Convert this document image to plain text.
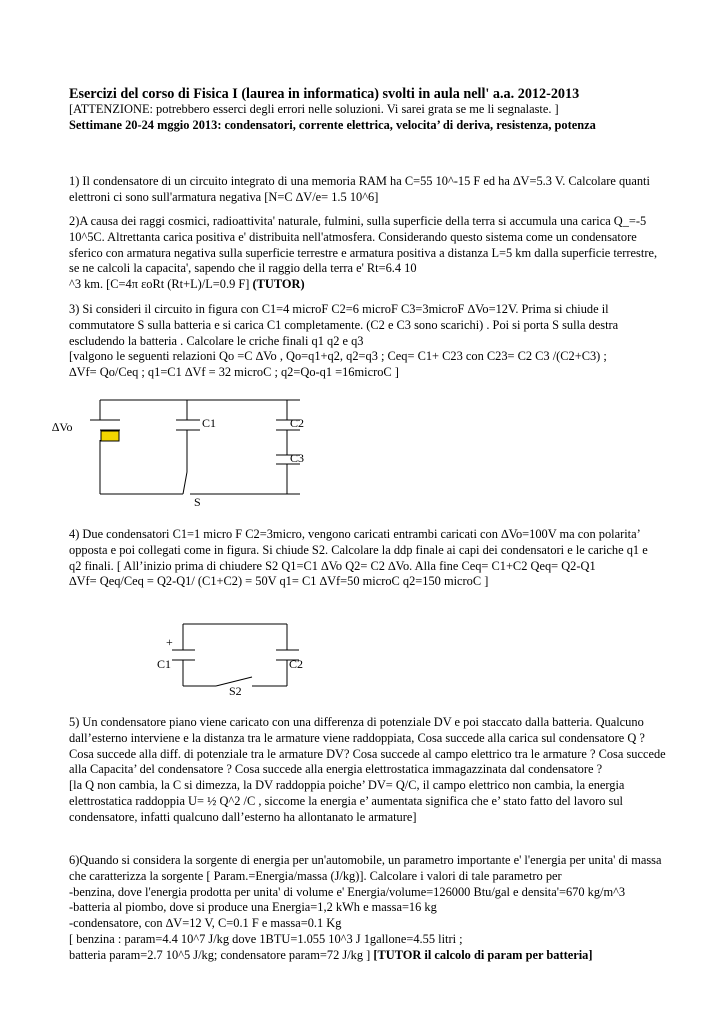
Esercizi del corso di Fisica I (laurea in informatica) svolti in aula nell' a.a. 2012-2013
[ATTENZIONE: potrebbero esserci degli errori nelle soluzioni. Vi sarei grata se me li segnalaste. ]
Settimane 20-24 mggio 2013: condensatori, corrente elettrica, velocita’ di deriva, resistenza, potenza
1) Il condensatore di un circuito integrato di una memoria RAM ha C=55 10^-15 F ed ha ∆V=5.3 V. Calcolare quanti
elettroni ci sono sull'armatura negativa [N=C ∆V/e= 1.5 10^6]
2)A causa dei raggi cosmici, radioattivita' naturale, fulmini, sulla superficie della terra si accumula una carica Q_=-5
10^5C. Altrettanta carica positiva e' distribuita nell'atmosfera. Considerando questo sistema come un condensatore
sferico con armatura negativa sulla superficie terrestre e armatura positiva a distanza L=5 km dalla superficie terrestre,
se ne calcoli la capacita', sapendo che il raggio della terra e' Rt=6.4 10
^3 km. [C=4π εoRt (Rt+L)/L=0.9 F] (TUTOR)
3) Si consideri il circuito in figura con C1=4 microF C2=6 microF C3=3microF ∆Vo=12V. Prima si chiude il
commutatore S sulla batteria e si carica C1 completamente. (C2 e C3 sono scarichi) . Poi si porta S sulla destra
escludendo la batteria . Calcolare le criche finali q1 q2 e q3
[valgono le seguenti relazioni Qo =C ∆Vo , Qo=q1+q2, q2=q3 ; Ceq= C1+ C23 con C23= C2 C3 /(C2+C3) ;
∆Vf= Qo/Ceq ; q1=C1 ∆Vf = 32 microC ; q2=Qo-q1 =16microC ]
∆Vo	C1	C2
C3
S
4) Due condensatori C1=1 micro F C2=3micro, vengono caricati entrambi caricati con ∆Vo=100V ma con polarita’
opposta e poi collegati come in figura. Si chiude S2. Calcolare la ddp finale ai capi dei condensatori e le cariche q1 e
q2 finali. [ All’inizio prima di chiudere S2 Q1=C1 ∆Vo Q2= C2 ∆Vo. Alla fine Ceq= C1+C2 Qeq= Q2-Q1
∆Vf= Qeq/Ceq = Q2-Q1/ (C1+C2) = 50V q1= C1 ∆Vf=50 microC q2=150 microC ]
+
C1	C2
S2
5) Un condensatore piano viene caricato con una differenza di potenziale DV e poi staccato dalla batteria. Qualcuno
dall’esterno interviene e la distanza tra le armature viene raddoppiata, Cosa succede alla carica sul condensatore Q ?
Cosa succede alla diff. di potenziale tra le armature DV? Cosa succede al campo elettrico tra le armature ? Cosa succede
alla Capacita’ del condensatore ? Cosa succede alla energia elettrostatica immagazzinata dal condensatore ?
[la Q non cambia, la C si dimezza, la DV raddoppia poiche’ DV= Q/C, il campo elettrico non cambia, la energia
elettrostatica raddoppia U= ½ Q^2 /C , siccome la energia e’ aumentata significa che e’ stato fatto del lavoro sul
condensatore, infatti qualcuno dall’esterno ha allontanato le armature]
6)Quando si considera la sorgente di energia per un'automobile, un parametro importante e' l'energia per unita' di massa
che caratterizza la sorgente [ Param.=Energia/massa (J/kg)]. Calcolare i valori di tale parametro per
-benzina, dove l'energia prodotta per unita' di volume e' Energia/volume=126000 Btu/gal e densita'=670 kg/m^3
-batteria al piombo, dove si produce una Energia=1,2 kWh e massa=16 kg
-condensatore, con ∆V=12 V, C=0.1 F e massa=0.1 Kg
[ benzina : param=4.4 10^7 J/kg dove 1BTU=1.055 10^3 J 1gallone=4.55 litri ;
batteria param=2.7 10^5 J/kg; condensatore param=72 J/kg ] [TUTOR il calcolo di param per batteria]
